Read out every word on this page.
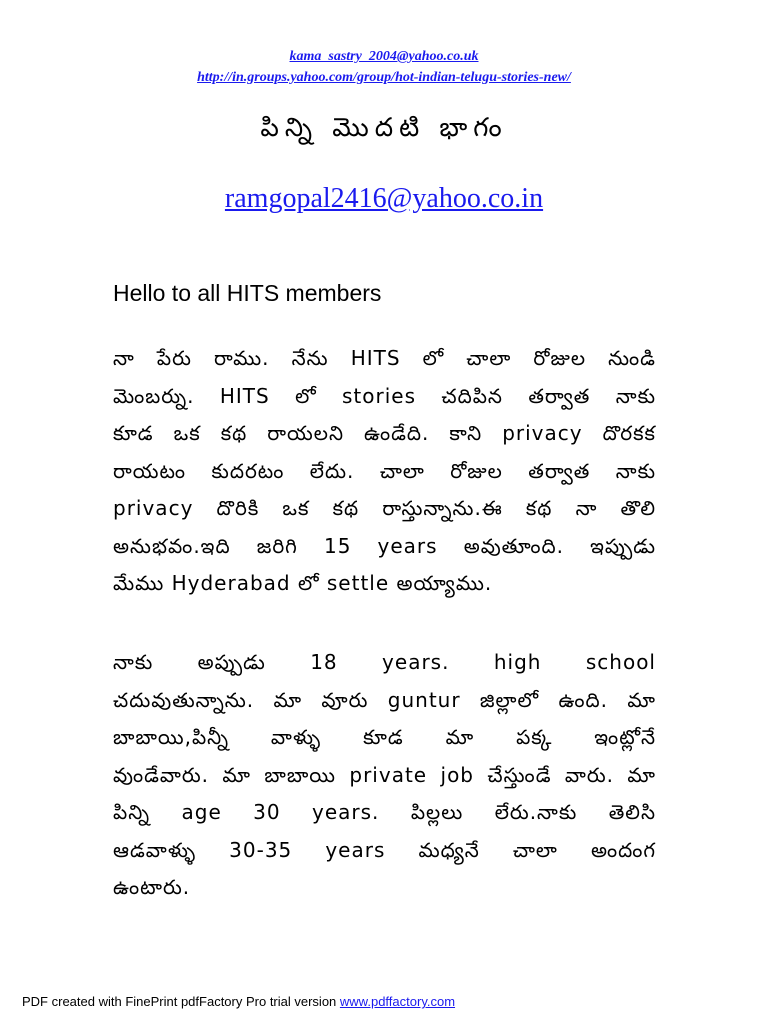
kama_sastry_2004@yahoo.co.uk
http://in.groups.yahoo.com/group/hot-indian-telugu-stories-new/
పిన్ని మొదటి భాగం
ramgopal2416@yahoo.co.in
Hello to all HITS members
నా పేరు రాము. నేను HITS లో చాలా రోజుల నుండి
మెంబర్ను. HITS లో stories చదిపిన తర్వాత నాకు
కూడ ఒక కథ రాయలని ఉండేది. కాని privacy దొరకక
రాయటం కుదరటం లేదు. చాలా రోజుల తర్వాత నాకు
privacy దొరికి ఒక కథ రాస్తున్నాను.ఈ కథ నా తొలి
అనుభవం.ఇది జరిగి 15 years అవుతూంది. ఇప్పుడు
మేము Hyderabad లో settle అయ్యాము.
నాకు అప్పుడు 18 years. high school
చదువుతున్నాను. మా వూరు guntur జిల్లాలో ఉంది. మా
బాబాయి,పిన్నీ వాళ్ళు కూడ మా పక్క ఇంట్లోనే
వుండేవారు. మా బాబాయి private job చేస్తుండే వారు. మా
పిన్ని age 30 years. పిల్లలు లేరు.నాకు తెలిసి
ఆడవాళ్ళు 30-35 years మధ్యనే చాలా అందంగ
ఉంటారు.
PDF created with FinePrint pdfFactory Pro trial version www.pdffactory.com
